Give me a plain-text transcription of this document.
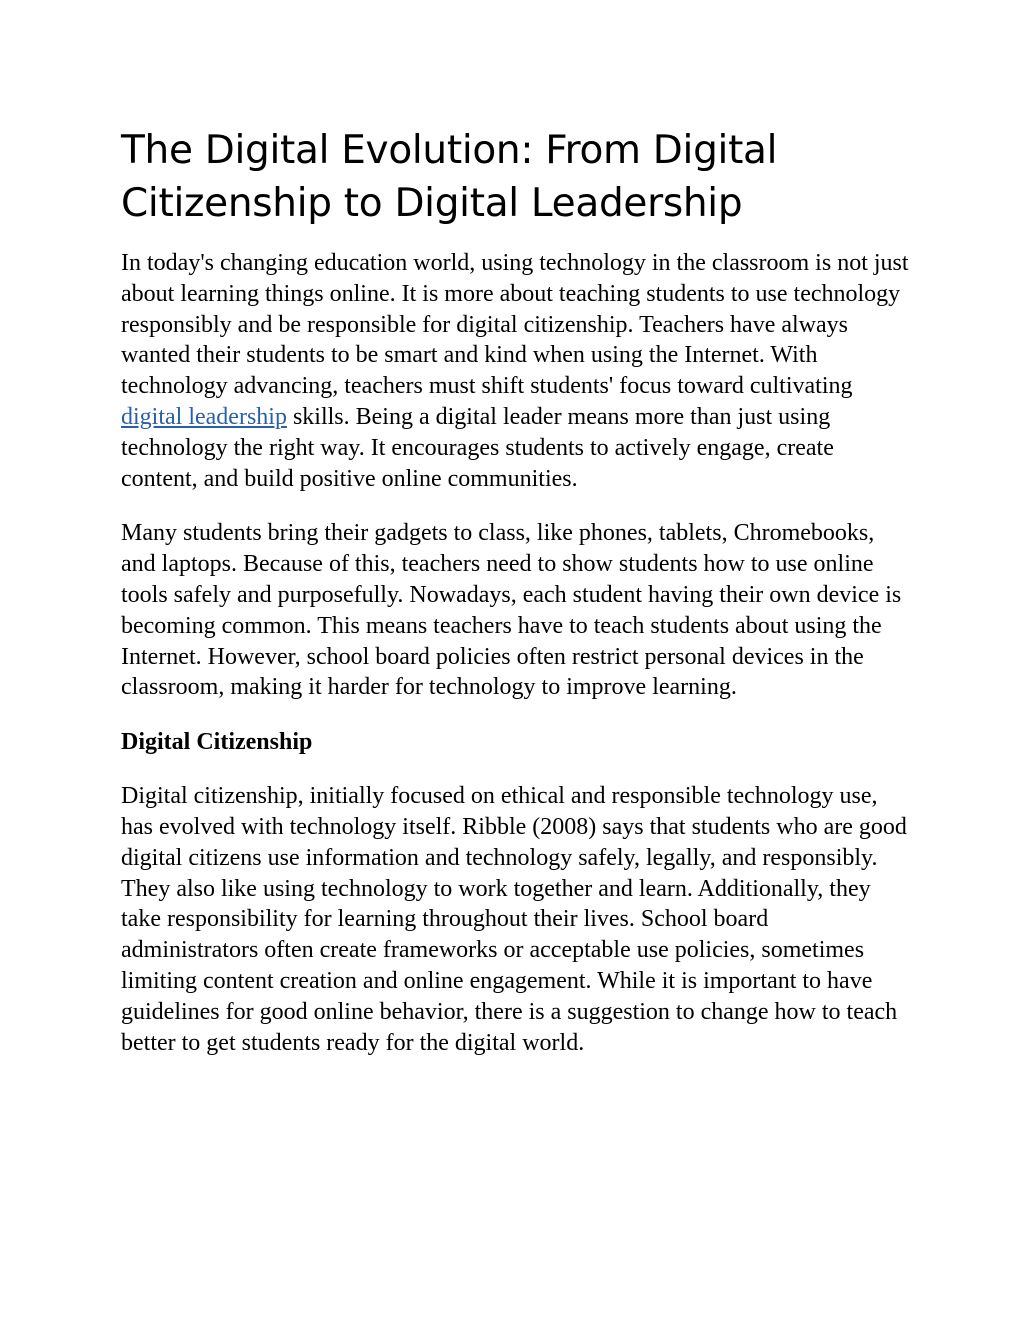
The Digital Evolution: From Digital Citizenship to Digital Leadership

In today's changing education world, using technology in the classroom is not just about learning things online. It is more about teaching students to use technology responsibly and be responsible for digital citizenship. Teachers have always wanted their students to be smart and kind when using the Internet. With technology advancing, teachers must shift students' focus toward cultivating digital leadership skills. Being a digital leader means more than just using technology the right way. It encourages students to actively engage, create content, and build positive online communities.

Many students bring their gadgets to class, like phones, tablets, Chromebooks, and laptops. Because of this, teachers need to show students how to use online tools safely and purposefully. Nowadays, each student having their own device is becoming common. This means teachers have to teach students about using the Internet. However, school board policies often restrict personal devices in the classroom, making it harder for technology to improve learning.

Digital Citizenship

Digital citizenship, initially focused on ethical and responsible technology use, has evolved with technology itself. Ribble (2008) says that students who are good digital citizens use information and technology safely, legally, and responsibly. They also like using technology to work together and learn. Additionally, they take responsibility for learning throughout their lives. School board administrators often create frameworks or acceptable use policies, sometimes limiting content creation and online engagement. While it is important to have guidelines for good online behavior, there is a suggestion to change how to teach better to get students ready for the digital world.
